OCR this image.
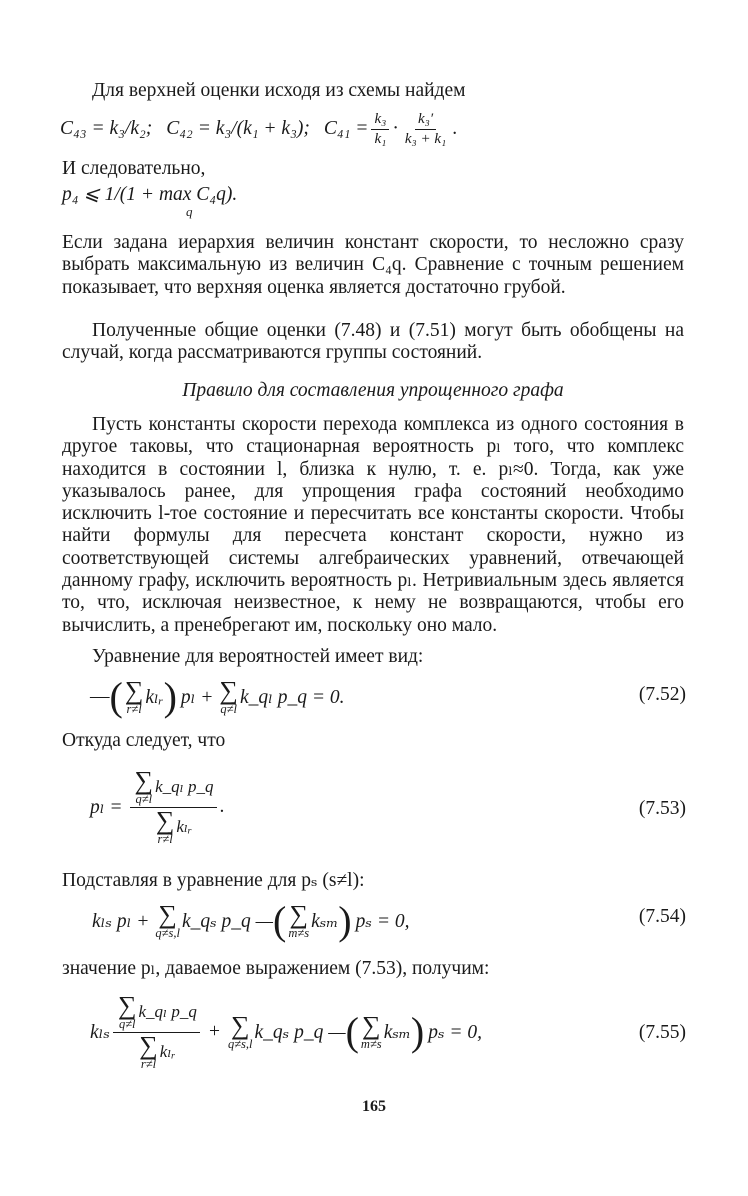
Для верхней оценки исходя из схемы найдем
C₄₃ = k₃/k₂; C₄₂ = k₃/(k₁ + k₃); $C_{41} = \frac{\text{k₃}}{\text{k₁}} \cdot \frac{\text{k₃′}}{\text{k₃ + k₁}}$ .
И следовательно,
p₄ ⩽ 1/(1 + max C₄q).
q

Если задана иерархия величин констант скорости, то несложно сразу выбрать максимальную из величин C₄q. Сравнение с точным решением показывает, что верхняя оценка является достаточно грубой.

Полученные общие оценки (7.48) и (7.51) могут быть обобщены на случай, когда рассматриваются группы состояний.

Правило для составления упрощенного графа

Пусть константы скорости перехода комплекса из одного состояния в другое таковы, что стационарная вероятность pₗ того, что комплекс находится в состоянии l, близка к нулю, т. е. pₗ≈0. Тогда, как уже указывалось ранее, для упрощения графа состояний необходимо исключить l-тое состояние и пересчитать все константы скорости. Чтобы найти формулы для пересчета констант скорости, нужно из соответствующей системы алгебраических уравнений, отвечающей данному графу, исключить вероятность pₗ. Нетривиальным здесь является то, что, исключая неизвестное, к нему не возвращаются, чтобы его вычислить, а пренебрегают им, поскольку оно мало.

Уравнение для вероятностей имеет вид:
— ( ∑
r≠l
kₗᵣ ) pₗ + ∑
q≠l
k_qₗ p_q = 0.	(7.52)
Откуда следует, что
pₗ = ∑
q≠l
k_qₗ p_q
∑
r≠l
kₗᵣ .	(7.53)
Подставляя в уравнение для pₛ (s≠l):
kₗₛ pₗ + ∑
q≠s,l
k_qₛ p_q — ( ∑
m≠s
kₛₘ ) pₛ = 0,	(7.54)
значение pₗ, даваемое выражением (7.53), получим:
kₗₛ ∑
q≠l
k_qₗ p_q
∑
r≠l
kₗᵣ + ∑
q≠s,l
k_qₛ p_q — ( ∑
m≠s
kₛₘ ) pₛ = 0,	(7.55)
165
